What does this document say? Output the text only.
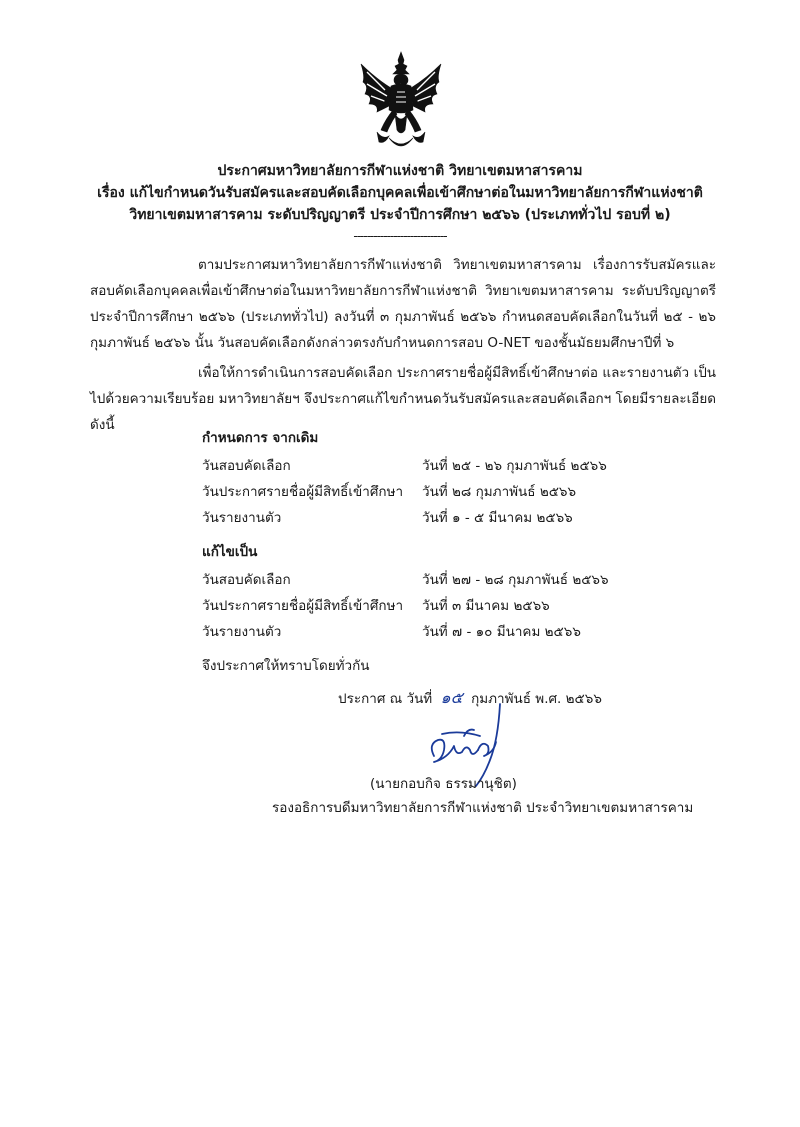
ประกาศมหาวิทยาลัยการกีฬาแห่งชาติ วิทยาเขตมหาสารคาม
เรื่อง แก้ไขกำหนดวันรับสมัครและสอบคัดเลือกบุคคลเพื่อเข้าศึกษาต่อในมหาวิทยาลัยการกีฬาแห่งชาติ
วิทยาเขตมหาสารคาม ระดับปริญญาตรี ประจำปีการศึกษา ๒๕๖๖ (ประเภททั่วไป รอบที่ ๒)
----------------------------
ตามประกาศมหาวิทยาลัยการกีฬาแห่งชาติ วิทยาเขตมหาสารคาม เรื่องการรับสมัครและสอบคัดเลือกบุคคลเพื่อเข้าศึกษาต่อในมหาวิทยาลัยการกีฬาแห่งชาติ วิทยาเขตมหาสารคาม ระดับปริญญาตรี ประจำปีการศึกษา ๒๕๖๖ (ประเภททั่วไป) ลงวันที่ ๓ กุมภาพันธ์ ๒๕๖๖ กำหนดสอบคัดเลือกในวันที่ ๒๕ - ๒๖ กุมภาพันธ์ ๒๕๖๖ นั้น วันสอบคัดเลือกดังกล่าวตรงกับกำหนดการสอบ O-NET ของชั้นมัธยมศึกษาปีที่ ๖
เพื่อให้การดำเนินการสอบคัดเลือก ประกาศรายชื่อผู้มีสิทธิ์เข้าศึกษาต่อ และรายงานตัว เป็นไปด้วยความเรียบร้อย มหาวิทยาลัยฯ จึงประกาศแก้ไขกำหนดวันรับสมัครและสอบคัดเลือกฯ โดยมีรายละเอียดดังนี้
กำหนดการ จากเดิม
วันสอบคัดเลือก	วันที่ ๒๕ - ๒๖ กุมภาพันธ์ ๒๕๖๖
วันประกาศรายชื่อผู้มีสิทธิ์เข้าศึกษา วันที่ ๒๘ กุมภาพันธ์ ๒๕๖๖
วันรายงานตัว	วันที่ ๑ - ๕ มีนาคม ๒๕๖๖
แก้ไขเป็น
วันสอบคัดเลือก	วันที่ ๒๗ - ๒๘ กุมภาพันธ์ ๒๕๖๖
วันประกาศรายชื่อผู้มีสิทธิ์เข้าศึกษา วันที่ ๓ มีนาคม ๒๕๖๖
วันรายงานตัว	วันที่ ๗ - ๑๐ มีนาคม ๒๕๖๖
จึงประกาศให้ทราบโดยทั่วกัน
ประกาศ ณ วันที่ ๑๕ กุมภาพันธ์ พ.ศ. ๒๕๖๖
(นายกอบกิจ ธรรมานุชิต)
รองอธิการบดีมหาวิทยาลัยการกีฬาแห่งชาติ ประจำวิทยาเขตมหาสารคาม
